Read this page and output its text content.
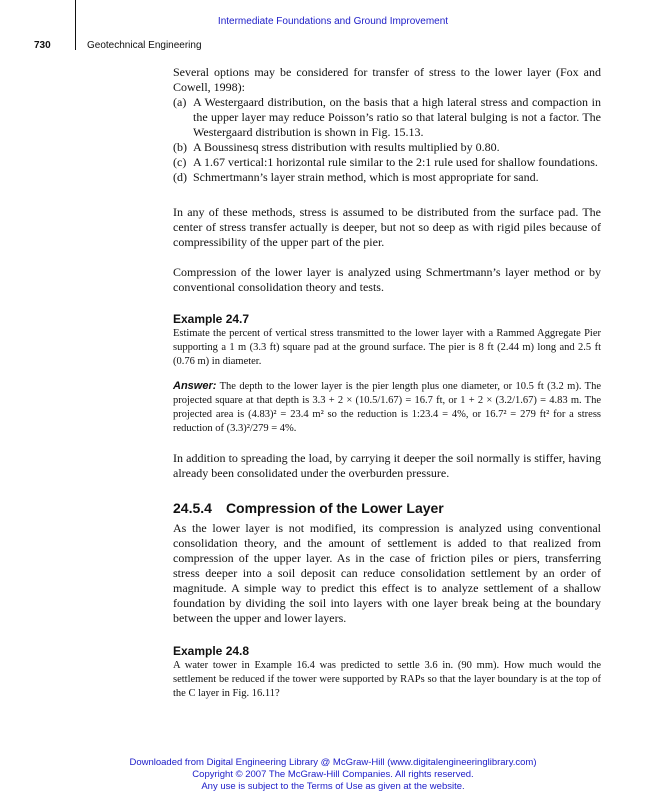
Intermediate Foundations and Ground Improvement
730	Geotechnical Engineering

Several options may be considered for transfer of stress to the lower layer (Fox and Cowell, 1998):

(a) A Westergaard distribution, on the basis that a high lateral stress and compaction in the upper layer may reduce Poisson’s ratio so that lateral bulging is not a factor. The Westergaard distribution is shown in Fig. 15.13.
(b) A Boussinesq stress distribution with results multiplied by 0.80.
(c) A 1.67 vertical:1 horizontal rule similar to the 2:1 rule used for shallow foundations.
(d) Schmertmann’s layer strain method, which is most appropriate for sand.

In any of these methods, stress is assumed to be distributed from the surface pad. The center of stress transfer actually is deeper, but not so deep as with rigid piles because of compressibility of the upper part of the pier.

Compression of the lower layer is analyzed using Schmertmann’s layer method or by conventional consolidation theory and tests.

Example 24.7

Estimate the percent of vertical stress transmitted to the lower layer with a Rammed Aggregate Pier supporting a 1 m (3.3 ft) square pad at the ground surface. The pier is 8 ft (2.44 m) long and 2.5 ft (0.76 m) in diameter.

Answer: The depth to the lower layer is the pier length plus one diameter, or 10.5 ft (3.2 m). The projected square at that depth is 3.3 + 2 × (10.5/1.67) = 16.7 ft, or 1 + 2 × (3.2/1.67) = 4.83 m. The projected area is (4.83)² = 23.4 m² so the reduction is 1:23.4 = 4%, or 16.7² = 279 ft² for a stress reduction of (3.3)²/279 = 4%.

In addition to spreading the load, by carrying it deeper the soil normally is stiffer, having already been consolidated under the overburden pressure.

24.5.4 Compression of the Lower Layer

As the lower layer is not modified, its compression is analyzed using conventional consolidation theory, and the amount of settlement is added to that realized from compression of the upper layer. As in the case of friction piles or piers, transferring stress deeper into a soil deposit can reduce consolidation settlement by an order of magnitude. A simple way to predict this effect is to analyze settlement of a shallow foundation by dividing the soil into layers with one layer break being at the boundary between the upper and lower layers.

Example 24.8

A water tower in Example 16.4 was predicted to settle 3.6 in. (90 mm). How much would the settlement be reduced if the tower were supported by RAPs so that the layer boundary is at the top of the C layer in Fig. 16.11?

Downloaded from Digital Engineering Library @ McGraw-Hill (www.digitalengineeringlibrary.com)
Copyright © 2007 The McGraw-Hill Companies. All rights reserved.
Any use is subject to the Terms of Use as given at the website.
